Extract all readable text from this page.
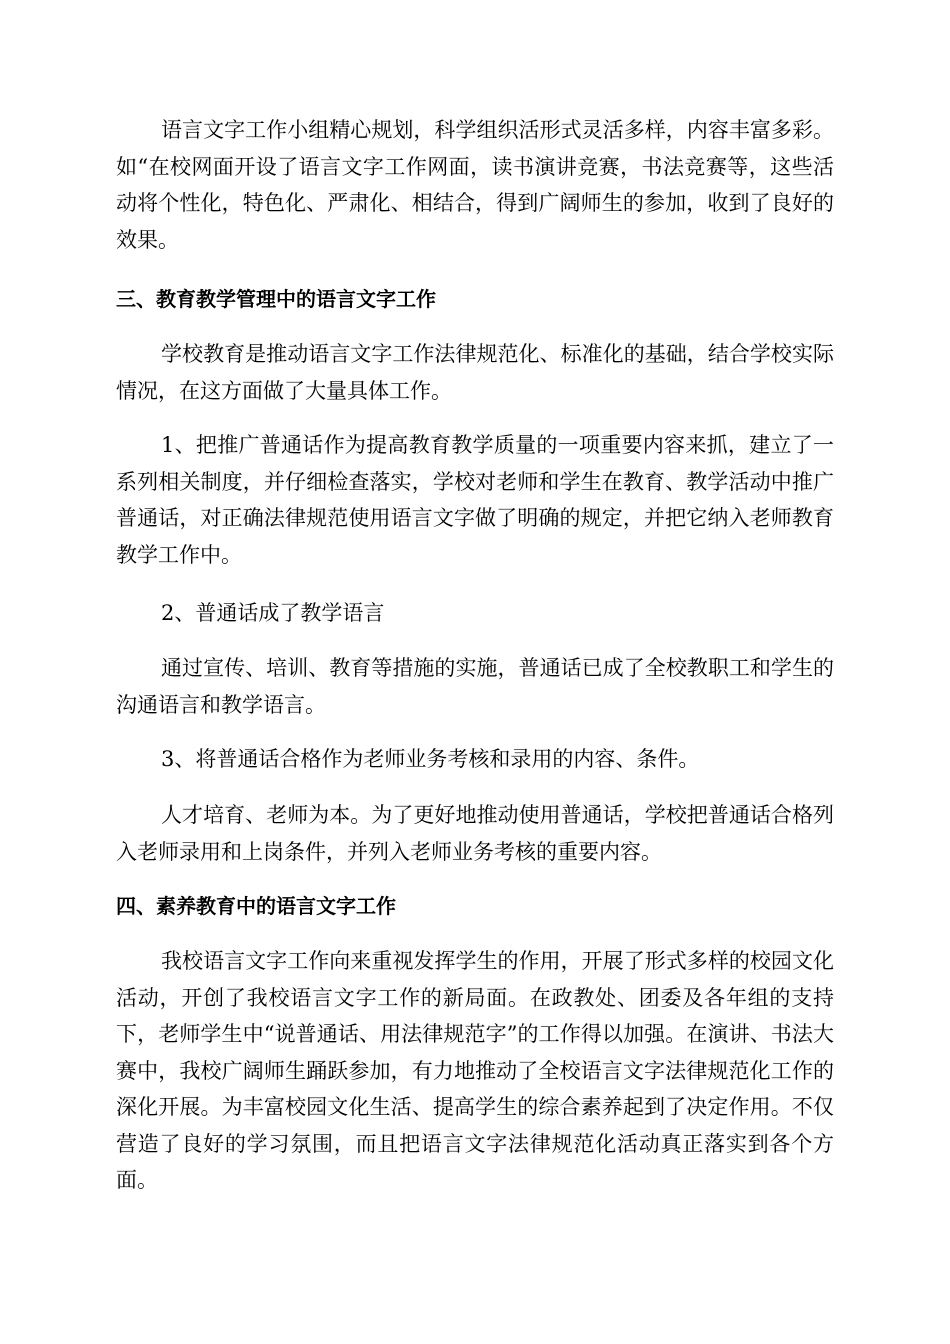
语言文字工作小组精心规划，科学组织活形式灵活多样，内容丰富多彩。如“在校网面开设了语言文字工作网面，读书演讲竞赛，书法竞赛等，这些活动将个性化，特色化、严肃化、相结合，得到广阔师生的参加，收到了良好的效果。

三、教育教学管理中的语言文字工作

学校教育是推动语言文字工作法律规范化、标准化的基础，结合学校实际情况，在这方面做了大量具体工作。

1、把推广普通话作为提高教育教学质量的一项重要内容来抓，建立了一系列相关制度，并仔细检查落实，学校对老师和学生在教育、教学活动中推广普通话，对正确法律规范使用语言文字做了明确的规定，并把它纳入老师教育教学工作中。

2、普通话成了教学语言

通过宣传、培训、教育等措施的实施，普通话已成了全校教职工和学生的沟通语言和教学语言。

3、将普通话合格作为老师业务考核和录用的内容、条件。

人才培育、老师为本。为了更好地推动使用普通话，学校把普通话合格列入老师录用和上岗条件，并列入老师业务考核的重要内容。

四、素养教育中的语言文字工作

我校语言文字工作向来重视发挥学生的作用，开展了形式多样的校园文化活动，开创了我校语言文字工作的新局面。在政教处、团委及各年组的支持下，老师学生中“说普通话、用法律规范字”的工作得以加强。在演讲、书法大赛中，我校广阔师生踊跃参加，有力地推动了全校语言文字法律规范化工作的深化开展。为丰富校园文化生活、提高学生的综合素养起到了决定作用。不仅营造了良好的学习氛围，而且把语言文字法律规范化活动真正落实到各个方面。
